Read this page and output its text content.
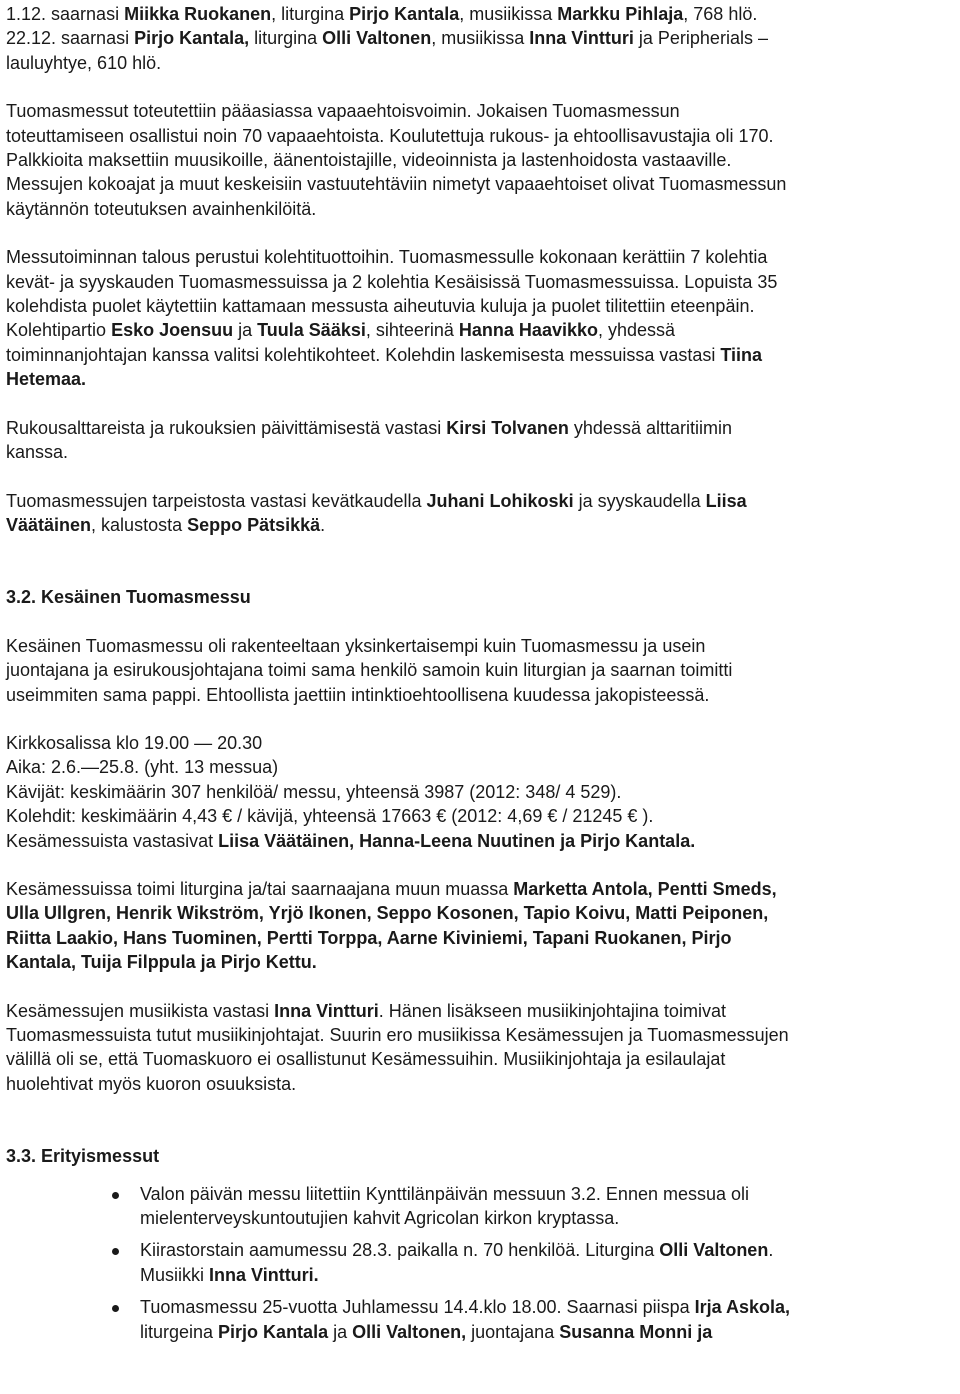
1.12. saarnasi Miikka Ruokanen, liturgina Pirjo Kantala, musiikissa Markku Pihlaja, 768 hlö.

22.12. saarnasi Pirjo Kantala, liturgina Olli Valtonen, musiikissa Inna Vintturi ja Peripherials –

lauluyhtye, 610 hlö.

Tuomasmessut toteutettiin pääasiassa vapaaehtoisvoimin. Jokaisen Tuomasmessun

toteuttamiseen osallistui noin 70 vapaaehtoista. Koulutettuja rukous- ja ehtoollisavustajia oli 170.

Palkkioita maksettiin muusikoille, äänentoistajille, videoinnista ja lastenhoidosta vastaaville.

Messujen kokoajat ja muut keskeisiin vastuutehtäviin nimetyt vapaaehtoiset olivat Tuomasmessun

käytännön toteutuksen avainhenkilöitä.

Messutoiminnan talous perustui kolehtituottoihin. Tuomasmessulle kokonaan kerättiin 7 kolehtia

kevät- ja syyskauden Tuomasmessuissa ja 2 kolehtia Kesäisissä Tuomasmessuissa. Lopuista 35

kolehdista puolet käytettiin kattamaan messusta aiheutuvia kuluja ja puolet tilitettiin eteenpäin.

Kolehtipartio Esko Joensuu ja Tuula Sääksi, sihteerinä Hanna Haavikko, yhdessä

toiminnanjohtajan kanssa valitsi kolehtikohteet. Kolehdin laskemisesta messuissa vastasi Tiina

Hetemaa.

Rukousalttareista ja rukouksien päivittämisestä vastasi Kirsi Tolvanen yhdessä alttaritiimin

kanssa.

Tuomasmessujen tarpeistosta vastasi kevätkaudella Juhani Lohikoski ja syyskaudella Liisa

Väätäinen, kalustosta Seppo Pätsikkä.

3.2. Kesäinen Tuomasmessu

Kesäinen Tuomasmessu oli rakenteeltaan yksinkertaisempi kuin Tuomasmessu ja usein

juontajana ja esirukousjohtajana toimi sama henkilö samoin kuin liturgian ja saarnan toimitti

useimmiten sama pappi. Ehtoollista jaettiin intinktioehtoollisena kuudessa jakopisteessä.

Kirkkosalissa klo 19.00 — 20.30

Aika: 2.6.—25.8. (yht. 13 messua)

Kävijät: keskimäärin 307 henkilöä/ messu, yhteensä 3987 (2012: 348/ 4 529).

Kolehdit: keskimäärin 4,43 € / kävijä, yhteensä 17663 € (2012: 4,69 € / 21245 € ).

Kesämessuista vastasivat Liisa Väätäinen, Hanna-Leena Nuutinen ja Pirjo Kantala.

Kesämessuissa toimi liturgina ja/tai saarnaajana muun muassa Marketta Antola, Pentti Smeds,

Ulla Ullgren, Henrik Wikström, Yrjö Ikonen, Seppo Kosonen, Tapio Koivu, Matti Peiponen,

Riitta Laakio, Hans Tuominen, Pertti Torppa, Aarne Kiviniemi, Tapani Ruokanen, Pirjo

Kantala, Tuija Filppula ja Pirjo Kettu.

Kesämessujen musiikista vastasi Inna Vintturi. Hänen lisäkseen musiikinjohtajina toimivat

Tuomasmessuista tutut musiikinjohtajat. Suurin ero musiikissa Kesämessujen ja Tuomasmessujen

välillä oli se, että Tuomaskuoro ei osallistunut Kesämessuihin. Musiikinjohtaja ja esilaulajat

huolehtivat myös kuoron osuuksista.

3.3. Erityismessut

Valon päivän messu liitettiin Kynttilänpäivän messuun 3.2. Ennen messua oli

mielenterveyskuntoutujien kahvit Agricolan kirkon kryptassa.

Kiirastorstain aamumessu 28.3. paikalla n. 70 henkilöä. Liturgina Olli Valtonen.

Musiikki Inna Vintturi.

Tuomasmessu 25-vuotta Juhlamessu 14.4.klo 18.00. Saarnasi piispa Irja Askola,

liturgeina Pirjo Kantala ja Olli Valtonen, juontajana Susanna Monni ja
